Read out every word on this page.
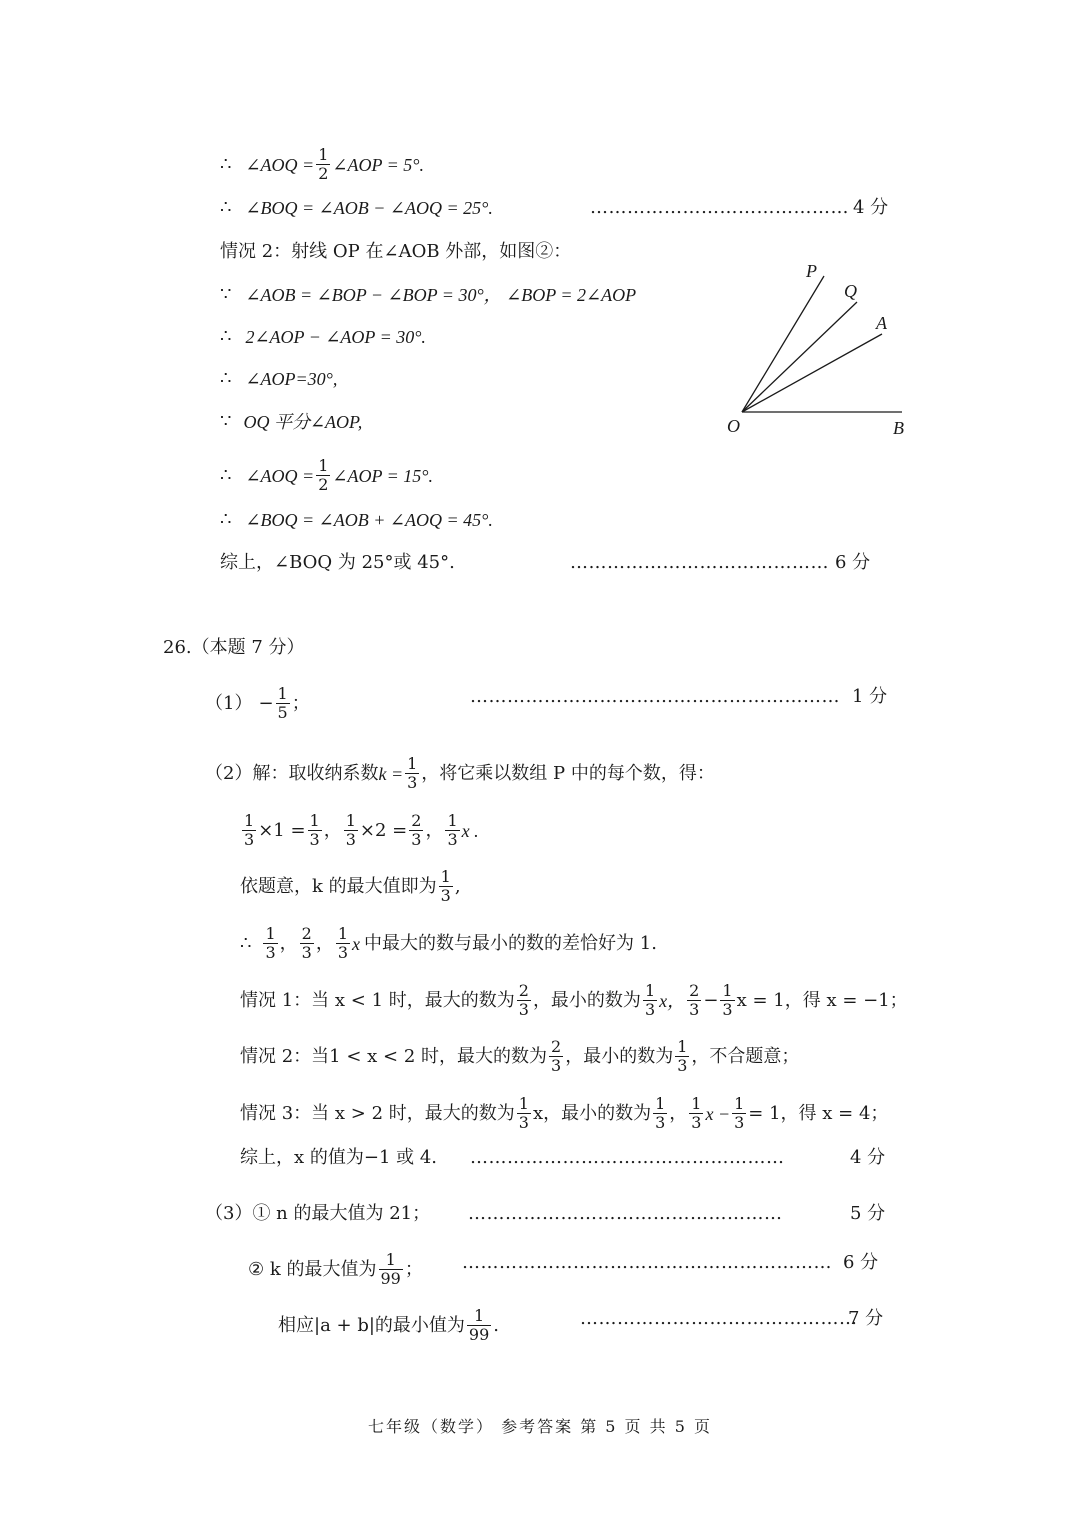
∴ ∠AOQ = $\frac{1}{2}$ ∠AOP = 5°.
∴ ∠BOQ = ∠AOB − ∠AOQ = 25°.	…………………………………… 4 分
情况 2：射线 OP 在∠AOB 外部，如图②：
∵ ∠AOB = ∠BOP − ∠BOP = 30°， ∠BOP = 2∠AOP
∴ 2∠AOP − ∠AOP = 30°.
∴ ∠AOP=30°,
∵ OQ 平分∠AOP,
∴ ∠AOQ = $\frac{1}{2}$ ∠AOP = 15°.
∴ ∠BOQ = ∠AOB + ∠AOQ = 45°.
综上，∠BOQ 为 25°或 45°.	…………………………………… 6 分
P
Q
A
O	B
26.（本题 7 分）
$(1) - \frac{1}{5}$ ；	…………………………………………………… 1 分
（2）解：取收纳系数 $k = \frac{1}{3}$ ，将它乘以数组 P 中的每个数，得：
$\frac{1}{3} \times 1 = \frac{1}{3}$ ， $\frac{1}{3} \times 2 = \frac{2}{3}$ ， $\frac{1}{3}$ x .
依题意，k 的最大值即为 $\frac{1}{3}$ ,
∴ $\frac{1}{3}$ ， $\frac{2}{3}$ ， $\frac{1}{3}$ x 中最大的数与最小的数的差恰好为 1.
情况 1：当 x < 1 时，最大的数为 $\frac{2}{3}$ ，最小的数为 $\frac{1}{3}$ x， $\frac{2}{3} - \frac{1}{3}$ x = 1，得 x = −1；
情况 2：当1 < x < 2 时，最大的数为 $\frac{2}{3}$ ，最小的数为 $\frac{1}{3}$ ，不合题意；
情况 3：当 x > 2 时，最大的数为 $\frac{1}{3}$ x，最小的数为 $\frac{1}{3}$ ， $\frac{1}{3}$ $x - \frac{1}{3} = 1$，得 x = 4；
综上，x 的值为−1 或 4. ……………………………………………	4 分
（3）① n 的最大值为 21； ……………………………………………	5 分
② k 的最大值为 $\frac{1}{99}$ ； …………………………………………………… 6 分
相应|a + b|的最小值为 $\frac{1}{99}$ .	………………………………………
7 分
七年级（数学） 参考答案 第 5 页 共 5 页
